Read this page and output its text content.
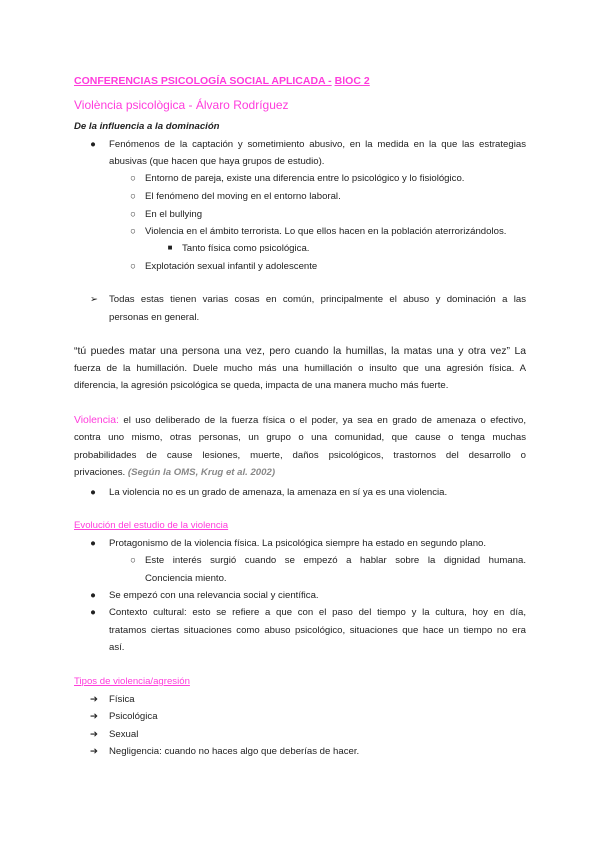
CONFERENCIAS PSICOLOGÍA SOCIAL APLICADA - BlOC 2
Violència psicològica - Álvaro Rodríguez
De la influencia a la dominación
●	Fenómenos de la captación y sometimiento abusivo, en la medida en la que las estrategias
abusivas (que hacen que haya grupos de estudio).
○ Entorno de pareja, existe una diferencia entre lo psicológico y lo fisiológico.
○ El fenómeno del moving en el entorno laboral.
○ En el bullying
○ Violencia en el ámbito terrorista. Lo que ellos hacen en la población aterrorizándolos.
■ Tanto física como psicológica.
○ Explotación sexual infantil y adolescente
➢ Todas estas tienen varias cosas en común, principalmente el abuso y dominación a las
personas en general.
“tú puedes matar una persona una vez, pero cuando la humillas, la matas una y otra vez” La
fuerza de la humillación. Duele mucho más una humillación o insulto que una agresión física. A
diferencia, la agresión psicológica se queda, impacta de una manera mucho más fuerte.
Violencia: el uso deliberado de la fuerza física o el poder, ya sea en grado de amenaza o efectivo,
contra uno mismo, otras personas, un grupo o una comunidad, que cause o tenga muchas
probabilidades de cause lesiones, muerte, daños psicológicos, trastornos del desarrollo o
privaciones. (Según la OMS, Krug et al. 2002)
●	La violencia no es un grado de amenaza, la amenaza en sí ya es una violencia.
Evolución del estudio de la violencia
●	Protagonismo de la violencia física. La psicológica siempre ha estado en segundo plano.
○ Este interés surgió cuando se empezó a hablar sobre la dignidad humana.
Conciencia miento.
●	Se empezó con una relevancia social y científica.
●	Contexto cultural: esto se refiere a que con el paso del tiempo y la cultura, hoy en día,
tratamos ciertas situaciones como abuso psicológico, situaciones que hace un tiempo no era
así.
Tipos de violencia/agresión
➔ Física
➔ Psicológica
➔ Sexual
➔ Negligencia: cuando no haces algo que deberías de hacer.
